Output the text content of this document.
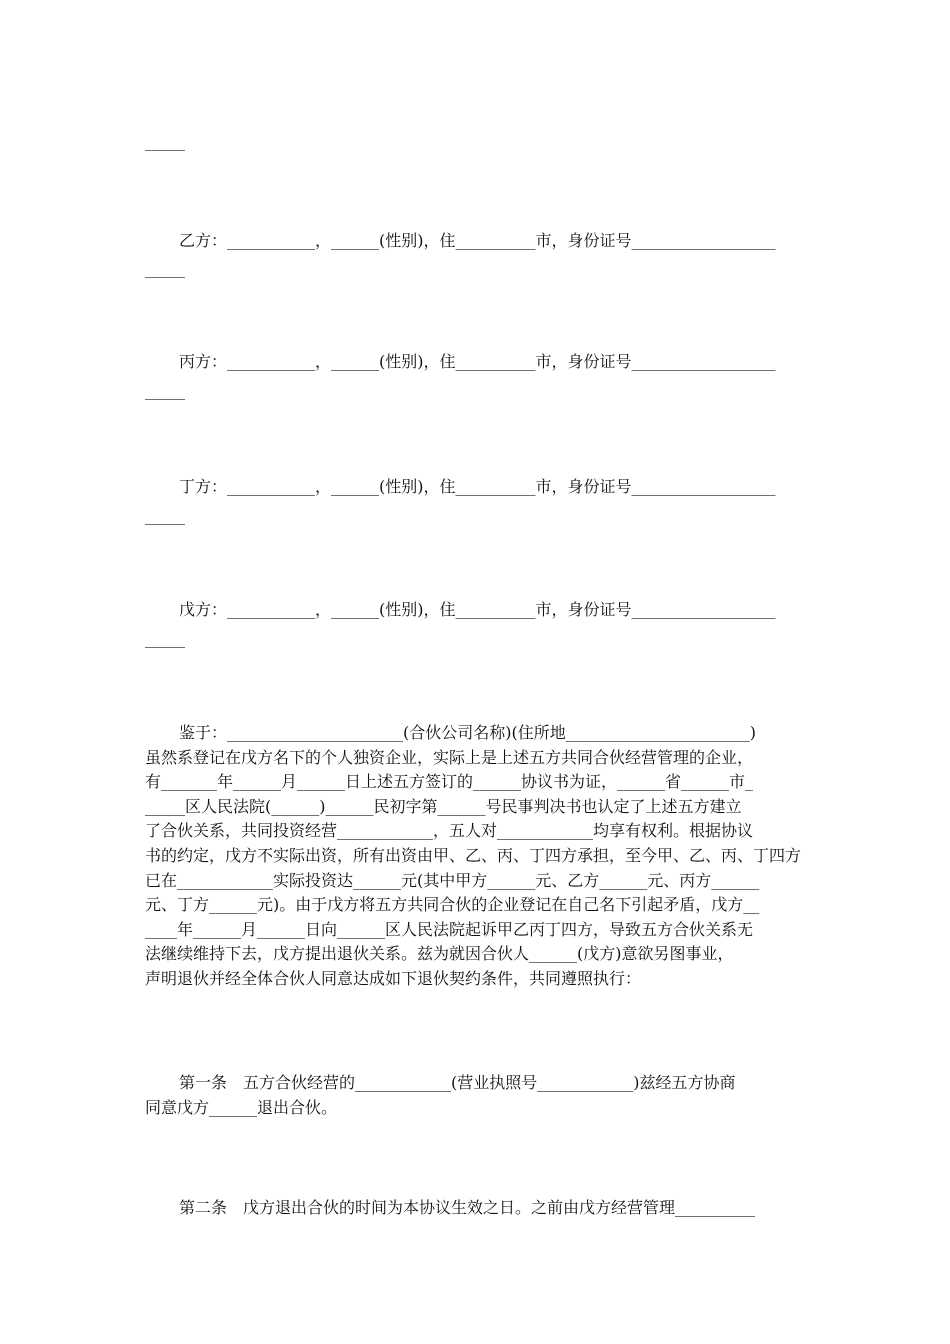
_____
乙方：___________，______(性别)，住__________市，身份证号__________________
_____
丙方：___________，______(性别)，住__________市，身份证号__________________
_____
丁方：___________，______(性别)，住__________市，身份证号__________________
_____
戊方：___________，______(性别)，住__________市，身份证号__________________
_____

鉴于：______________________(合伙公司名称)(住所地_______________________)

虽然系登记在戊方名下的个人独资企业，实际上是上述五方共同合伙经营管理的企业，

有_______年______月______日上述五方签订的______协议书为证，______省______市_

_____区人民法院(______)______民初字第______号民事判决书也认定了上述五方建立

了合伙关系，共同投资经营____________，五人对____________均享有权利。根据协议

书的约定，戊方不实际出资，所有出资由甲、乙、丙、丁四方承担，至今甲、乙、丙、丁四方

已在____________实际投资达______元(其中甲方______元、乙方______元、丙方______

元、丁方______元)。由于戊方将五方共同合伙的企业登记在自己名下引起矛盾，戊方__

____年______月______日向______区人民法院起诉甲乙丙丁四方，导致五方合伙关系无

法继续维持下去，戊方提出退伙关系。兹为就因合伙人______(戊方)意欲另图事业，

声明退伙并经全体合伙人同意达成如下退伙契约条件，共同遵照执行：

第一条　五方合伙经营的____________(营业执照号____________)兹经五方协商

同意戊方______退出合伙。

第二条　戊方退出合伙的时间为本协议生效之日。之前由戊方经营管理__________
